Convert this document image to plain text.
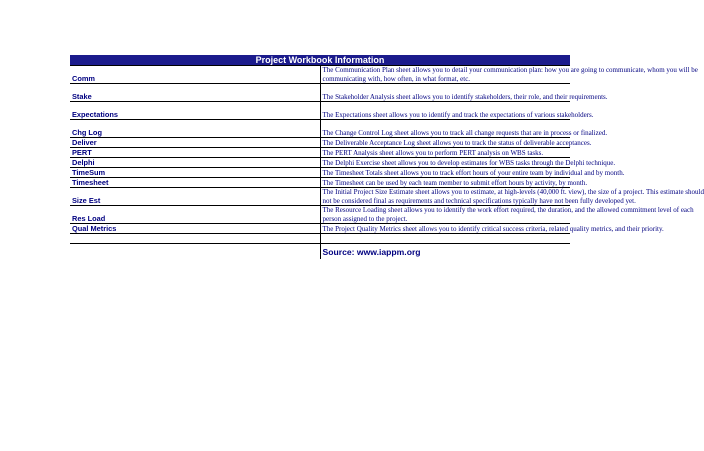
Project Workbook Information	
Comm	The Communication Plan sheet allows you to detail your communication plan: how you are going to communicate, whom you will be
communicating with, how often, in what format, etc.

Stake	The Stakeholder Analysis sheet allows you to identify stakeholders, their role, and their requirements.

Expectations	The Expectations sheet allows you to identify and track the expectations of various stakeholders.

Chg Log	The Change Control Log sheet allows you to track all change requests that are in process or finalized.

Deliver	The Deliverable Acceptance Log sheet allows you to track the status of deliverable acceptances.

PERT	The PERT Analysis sheet allows you to perform PERT analysis on WBS tasks.

Delphi	The Delphi Exercise sheet allows you to develop estimates for WBS tasks through the Delphi technique.

TimeSum	The Timesheet Totals sheet allows you to track effort hours of your entire team by individual and by month.

Timesheet	The Timesheet can be used by each team member to submit effort hours by activity, by month.

Size Est	The Initial Project Size Estimate sheet allows you to estimate, at high-levels (40,000 ft. view), the size of a project. This estimate should
not be considered final as requirements and technical specifications typically have not been fully developed yet.

Res Load	The Resource Loading sheet allows you to identify the work effort required, the duration, and the allowed commitment level of each
person assigned to the project.

Qual Metrics	The Project Quality Metrics sheet allows you to identify critical success criteria, related quality metrics, and their priority.

	Source: www.iappm.org
